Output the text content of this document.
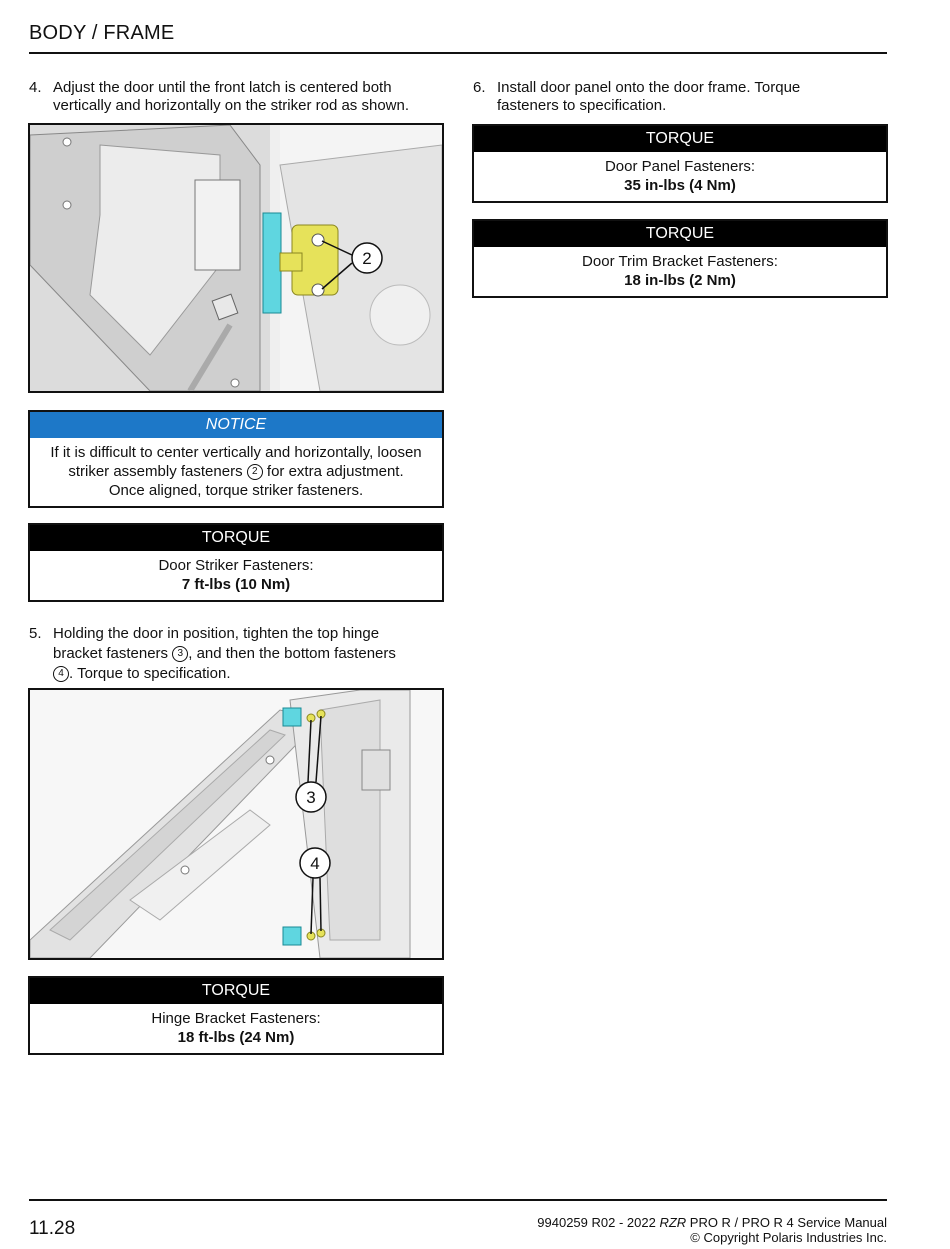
BODY / FRAME
4. Adjust the door until the front latch is centered both
vertically and horizontally on the striker rod as shown.
2
NOTICE
If it is difficult to center vertically and horizontally, loosen
striker assembly fasteners 2 for extra adjustment.
Once aligned, torque striker fasteners.
TORQUE
Door Striker Fasteners:
7 ft-lbs (10 Nm)
5. Holding the door in position, tighten the top hinge
bracket fasteners 3 , and then the bottom fasteners
4 . Torque to specification.
3
4
TORQUE
Hinge Bracket Fasteners:
18 ft-lbs (24 Nm)
6. Install door panel onto the door frame. Torque
fasteners to specification.
TORQUE
Door Panel Fasteners:
35 in-lbs (4 Nm)
TORQUE
Door Trim Bracket Fasteners:
18 in-lbs (2 Nm)
11.28	9940259 R02 - 2022 RZR PRO R / PRO R 4 Service Manual
© Copyright Polaris Industries Inc.
